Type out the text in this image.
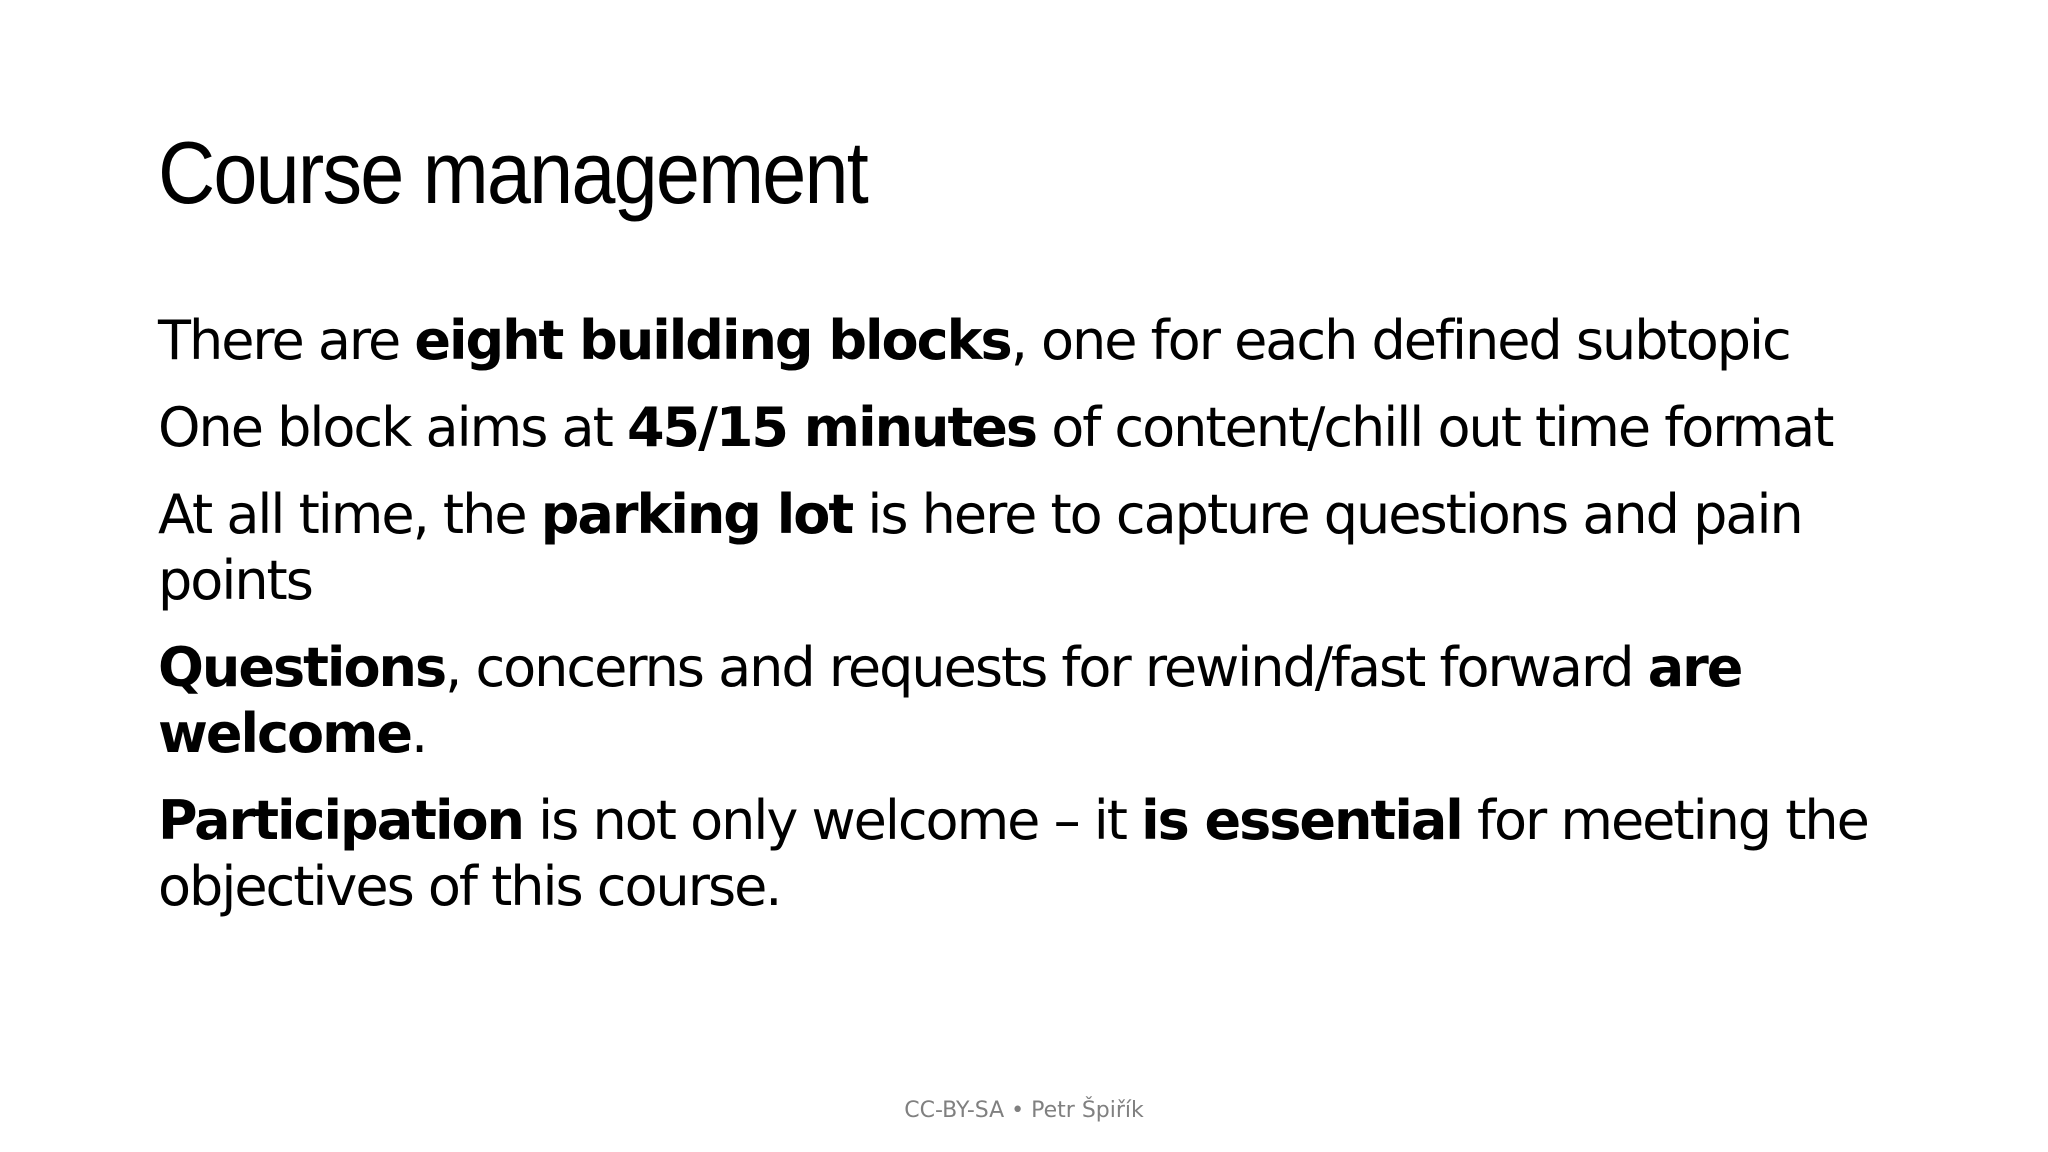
Course management

There are eight building blocks, one for each defined subtopic

One block aims at 45/15 minutes of content/chill out time format

At all time, the parking lot is here to capture questions and pain points

Questions, concerns and requests for rewind/fast forward are welcome.

Participation is not only welcome – it is essential for meeting the objectives of this course.

CC-BY-SA • Petr Špiřík
